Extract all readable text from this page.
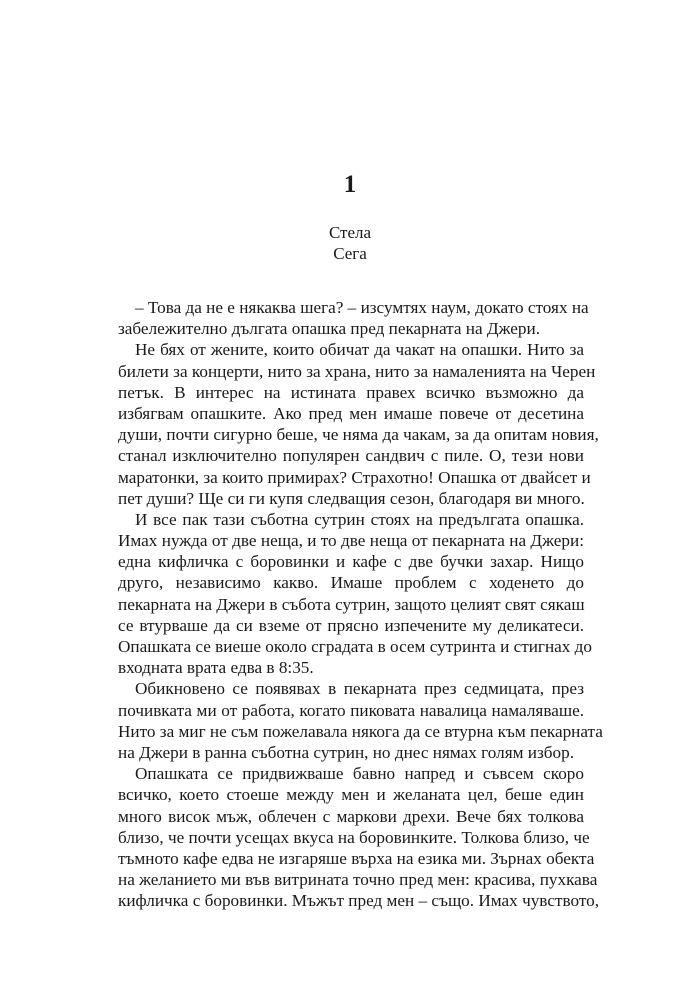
1
Стела
Сега
– Това да не е някаква шега? – изсумтях наум, докато стоях на
забележително дългата опашка пред пекарната на Джери.
Не бях от жените, които обичат да чакат на опашки. Нито за
билети за концерти, нито за храна, нито за намаленията на Черен
петък. В интерес на истината правех всичко възможно да
избягвам опашките. Ако пред мен имаше повече от десетина
души, почти сигурно беше, че няма да чакам, за да опитам новия,
станал изключително популярен сандвич с пиле. О, тези нови
маратонки, за които примирах? Страхотно! Опашка от двайсет и
пет души? Ще си ги купя следващия сезон, благодаря ви много.
И все пак тази съботна сутрин стоях на предългата опашка.
Имах нужда от две неща, и то две неща от пекарната на Джери:
една кифличка с боровинки и кафе с две бучки захар. Нищо
друго, независимо какво. Имаше проблем с ходенето до
пекарната на Джери в събота сутрин, защото целият свят сякаш
се втурваше да си вземе от прясно изпечените му деликатеси.
Опашката се виеше около сградата в осем сутринта и стигнах до
входната врата едва в 8:35.
Обикновено се появявах в пекарната през седмицата, през
почивката ми от работа, когато пиковата навалица намаляваше.
Нито за миг не съм пожелавала някога да се втурна към пекарната
на Джери в ранна съботна сутрин, но днес нямах голям избор.
Опашката се придвижваше бавно напред и съвсем скоро
всичко, което стоеше между мен и желаната цел, беше един
много висок мъж, облечен с маркови дрехи. Вече бях толкова
близо, че почти усещах вкуса на боровинките. Толкова близо, че
тъмното кафе едва не изгаряше върха на езика ми. Зърнах обекта
на желанието ми във витрината точно пред мен: красива, пухкава
кифличка с боровинки. Мъжът пред мен – също. Имах чувството,
